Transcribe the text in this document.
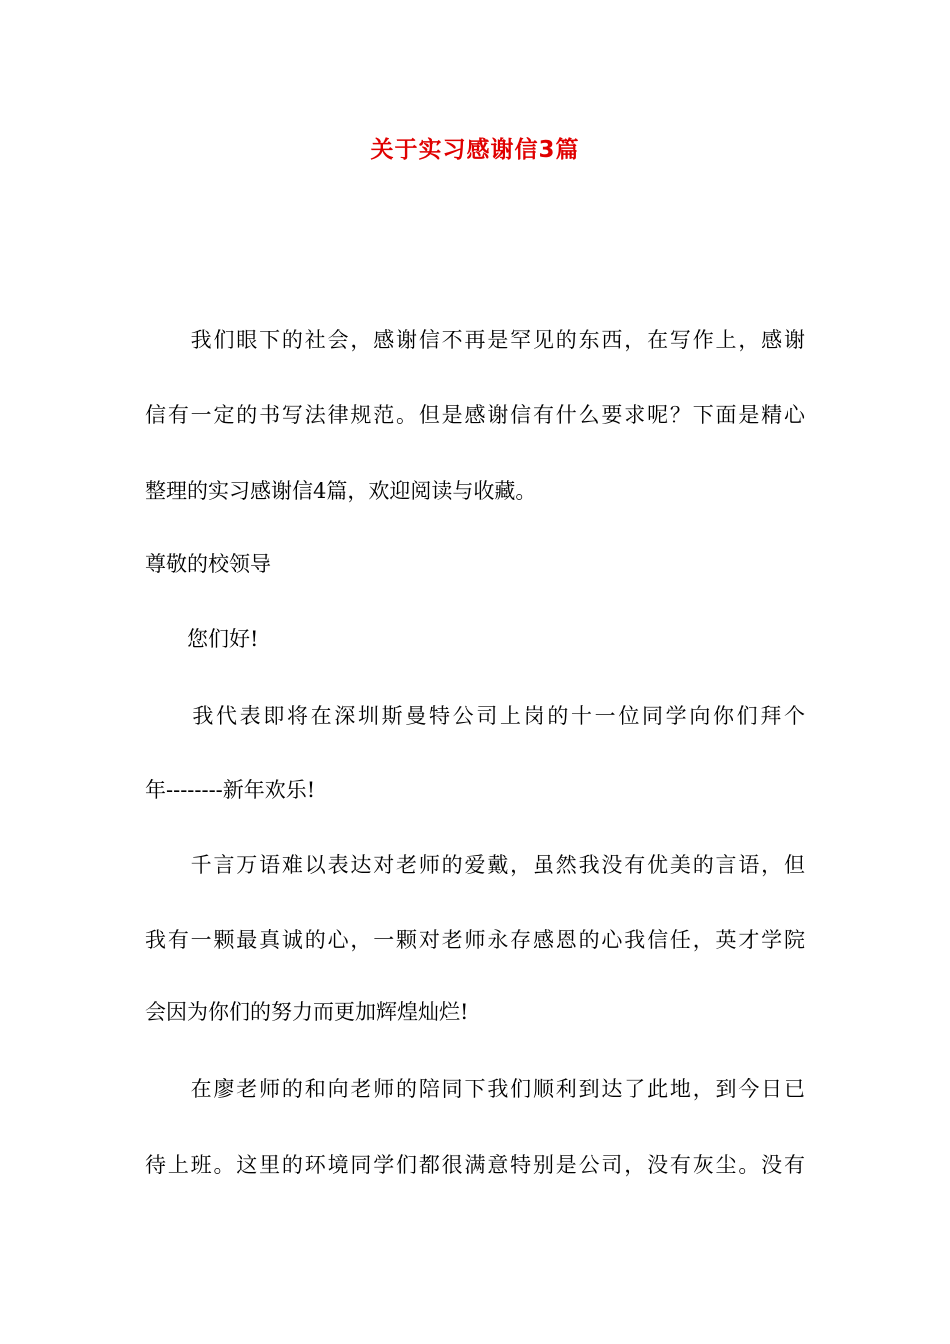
关于实习感谢信3篇
　　我们眼下的社会，感谢信不再是罕见的东西，在写作上，感谢
信有一定的书写法律规范。但是感谢信有什么要求呢？下面是精心
整理的实习感谢信4篇，欢迎阅读与收藏。
尊敬的校领导
　　您们好!
　　我代表即将在深圳斯曼特公司上岗的十一位同学向你们拜个
年--------新年欢乐!
　　千言万语难以表达对老师的爱戴，虽然我没有优美的言语，但
我有一颗最真诚的心，一颗对老师永存感恩的心我信任，英才学院
会因为你们的努力而更加辉煌灿烂!
　　在廖老师的和向老师的陪同下我们顺利到达了此地，到今日已
待上班。这里的环境同学们都很满意特别是公司，没有灰尘。没有
